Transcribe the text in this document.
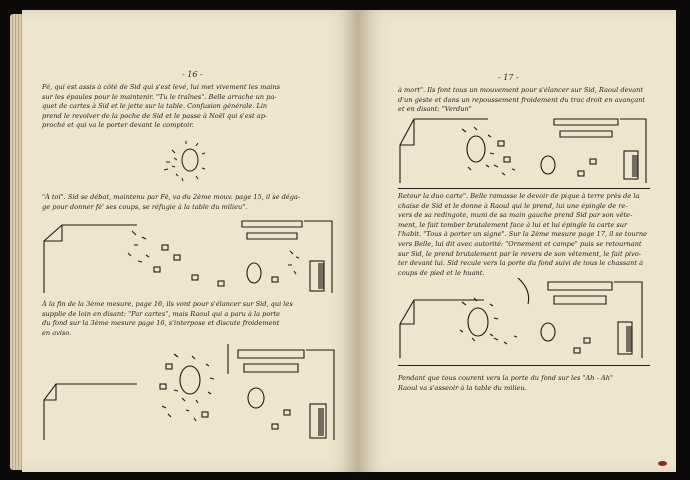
- 16 -
Fé, qui est assis à côté de Sid qui s'est levé, lui met vivement les mains
sur les épaules pour le maintenir. "Tu le traînes". Belle arrache un pa-
quet de cartes à Sid et le jette sur la table. Confusion générale. Lin
prend le revolver de la poche de Sid et le passe à Noël qui s'est ap-
proché et qui va le porter devant le comptoir.
"À toi". Sid se débat, maintenu par Fé, va du 2ème mouv. page 15, il se déga-
ge pour donner fé' ses coups, se réfugie à la table du milieu".
À la fin de la 3ème mesure, page 16, ils vont pour s'élancer sur Sid, qui les
supplie de loin en disant: "Par cartes", mais Raoul qui a paru à la porte
du fond sur la 3ème mesure page 16, s'interpose et discute froidement
en aviso.
- 17 -
à mort". Ils font tous un mouvement pour s'élancer sur Sid, Raoul devant
d'un geste et dans un repoussement froidement du trac droit en avançant
et en disant: "Verdun"
Retour la duo carte". Belle ramasse le devoir de pique à terre près de la
chaise de Sid et le donne à Raoul qui le prend, lui une épingle de re-
vers de sa redingote, muni de sa main gauche prend Sid par son vête-
ment, le fait tomber brutalement face à lui et lui épingle la carte sur
l'habit. "Tous à porter un signe". Sur la 2ème mesure page 17, il se tourne
vers Belle, lui dit avec autorité: "Ornement et campe" puis se retournant
sur Sid, le prend brutalement par le revers de son vêtement, le fait pivo-
ter devant lui. Sid recule vers la porte du fond suivi de tous le chassant à
coups de pied et le huant.
Pendant que tous courent vers la porte du fond sur les "Ah - Ah"
Raoul va s'asseoir à la table du milieu.
